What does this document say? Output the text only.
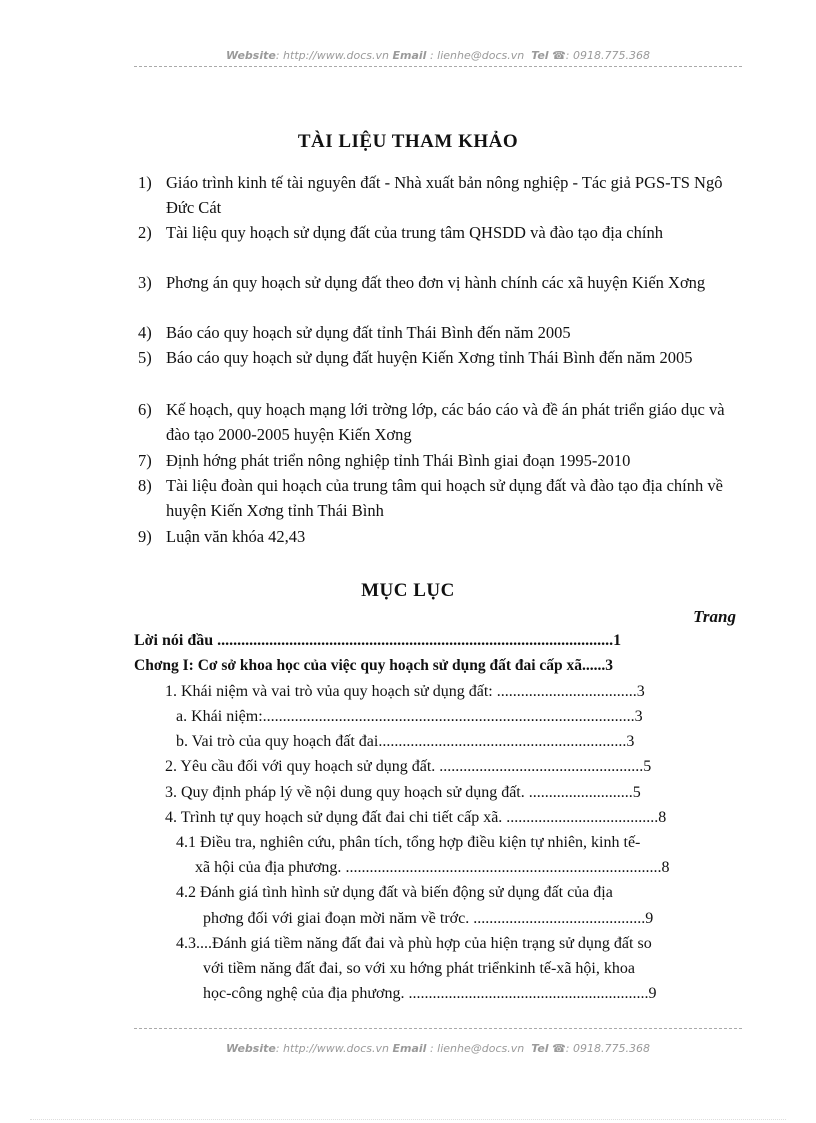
Website: http://www.docs.vn Email : lienhe@docs.vn Tel ☎: 0918.775.368
TÀI LIỆU THAM KHẢO
1) Giáo trình kinh tế tài nguyên đất - Nhà xuất bản nông nghiệp - Tác giả PGS-TS Ngô Đức Cát
2) Tài liệu quy hoạch sử dụng đất của trung tâm QHSDD và đào tạo địa chính
3) Phơng án quy hoạch sử dụng đất theo đơn vị hành chính các xã huyện Kiến Xơng
4) Báo cáo quy hoạch sử dụng đất tỉnh Thái Bình đến năm 2005
5) Báo cáo quy hoạch sử dụng đất huyện Kiến Xơng tỉnh Thái Bình đến năm 2005
6) Kế hoạch, quy hoạch mạng lới trờng lớp, các báo cáo và đề án phát triển giáo dục và đào tạo 2000-2005 huyện Kiến Xơng
7) Định hớng phát triển nông nghiệp tỉnh Thái Bình giai đoạn 1995-2010
8) Tài liệu đoàn qui hoạch của trung tâm qui hoạch sử dụng đất và đào tạo địa chính về huyện Kiến Xơng tỉnh Thái Bình
9) Luận văn khóa 42,43
MỤC LỤC
Trang
Lời nói đầu ...................................................................................................1
Chơng I: Cơ sở khoa học của việc quy hoạch sử dụng đất đai cấp xã......3
1. Khái niệm và vai trò vủa quy hoạch sử dụng đất: ...................................3
a. Khái niệm:.............................................................................................3
b. Vai trò của quy hoạch đất đai..............................................................3
2. Yêu cầu đối với quy hoạch sử dụng đất. ...................................................5
3. Quy định pháp lý về nội dung quy hoạch sử dụng đất. ..........................5
4. Trình tự quy hoạch sử dụng đất đai chi tiết cấp xã. ......................................8
4.1 Điều tra, nghiên cứu, phân tích, tổng hợp điều kiện tự nhiên, kinh tế-
xã hội của địa phương. ...............................................................................8
4.2 Đánh giá tình hình sử dụng đất và biến động sử dụng đất của địa
phơng đối với giai đoạn mời năm về trớc. ...........................................9
4.3....Đánh giá tiềm năng đất đai và phù hợp của hiện trạng sử dụng đất so
với tiềm năng đất đai, so với xu hớng phát triểnkinh tế-xã hội, khoa
học-công nghệ của địa phương. ............................................................9
Website: http://www.docs.vn Email : lienhe@docs.vn Tel ☎: 0918.775.368
